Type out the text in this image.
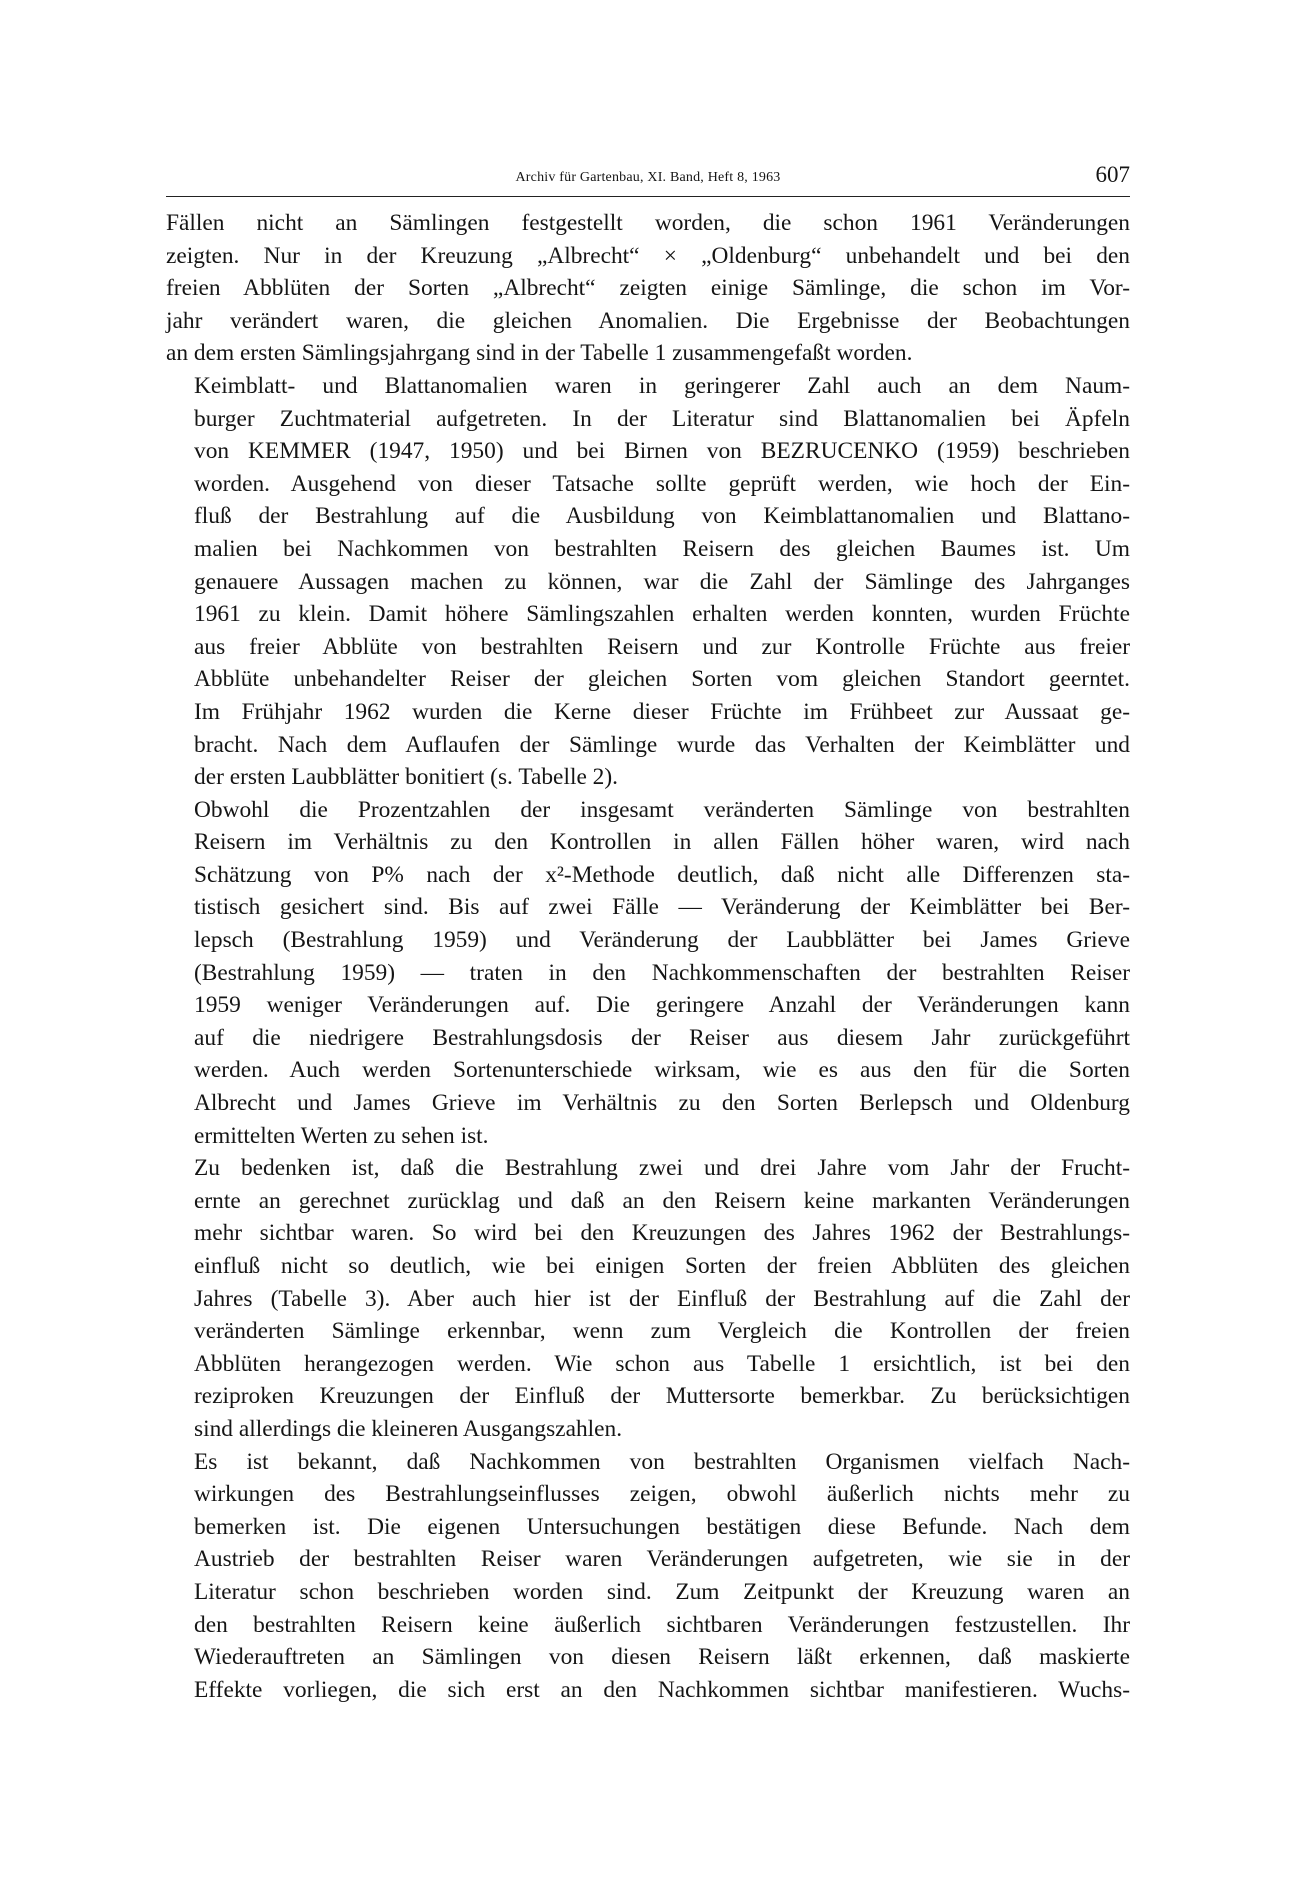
Archiv für Gartenbau, XI. Band, Heft 8, 1963	607

Fällen nicht an Sämlingen festgestellt worden, die schon 1961 Veränderungen
zeigten. Nur in der Kreuzung „Albrecht“ × „Oldenburg“ unbehandelt und bei den
freien Abblüten der Sorten „Albrecht“ zeigten einige Sämlinge, die schon im Vor-
jahr verändert waren, die gleichen Anomalien. Die Ergebnisse der Beobachtungen
an dem ersten Sämlingsjahrgang sind in der Tabelle 1 zusammengefaßt worden.

Keimblatt- und Blattanomalien waren in geringerer Zahl auch an dem Naum-
burger Zuchtmaterial aufgetreten. In der Literatur sind Blattanomalien bei Äpfeln
von KEMMER (1947, 1950) und bei Birnen von BEZRUCENKO (1959) beschrieben
worden. Ausgehend von dieser Tatsache sollte geprüft werden, wie hoch der Ein-
fluß der Bestrahlung auf die Ausbildung von Keimblattanomalien und Blattano-
malien bei Nachkommen von bestrahlten Reisern des gleichen Baumes ist. Um
genauere Aussagen machen zu können, war die Zahl der Sämlinge des Jahrganges
1961 zu klein. Damit höhere Sämlingszahlen erhalten werden konnten, wurden Früchte
aus freier Abblüte von bestrahlten Reisern und zur Kontrolle Früchte aus freier
Abblüte unbehandelter Reiser der gleichen Sorten vom gleichen Standort geerntet.
Im Frühjahr 1962 wurden die Kerne dieser Früchte im Frühbeet zur Aussaat ge-
bracht. Nach dem Auflaufen der Sämlinge wurde das Verhalten der Keimblätter und
der ersten Laubblätter bonitiert (s. Tabelle 2).

Obwohl die Prozentzahlen der insgesamt veränderten Sämlinge von bestrahlten
Reisern im Verhältnis zu den Kontrollen in allen Fällen höher waren, wird nach
Schätzung von P% nach der x²-Methode deutlich, daß nicht alle Differenzen sta-
tistisch gesichert sind. Bis auf zwei Fälle — Veränderung der Keimblätter bei Ber-
lepsch (Bestrahlung 1959) und Veränderung der Laubblätter bei James Grieve
(Bestrahlung 1959) — traten in den Nachkommenschaften der bestrahlten Reiser
1959 weniger Veränderungen auf. Die geringere Anzahl der Veränderungen kann
auf die niedrigere Bestrahlungsdosis der Reiser aus diesem Jahr zurückgeführt
werden. Auch werden Sortenunterschiede wirksam, wie es aus den für die Sorten
Albrecht und James Grieve im Verhältnis zu den Sorten Berlepsch und Oldenburg
ermittelten Werten zu sehen ist.

Zu bedenken ist, daß die Bestrahlung zwei und drei Jahre vom Jahr der Frucht-
ernte an gerechnet zurücklag und daß an den Reisern keine markanten Veränderungen
mehr sichtbar waren. So wird bei den Kreuzungen des Jahres 1962 der Bestrahlungs-
einfluß nicht so deutlich, wie bei einigen Sorten der freien Abblüten des gleichen
Jahres (Tabelle 3). Aber auch hier ist der Einfluß der Bestrahlung auf die Zahl der
veränderten Sämlinge erkennbar, wenn zum Vergleich die Kontrollen der freien
Abblüten herangezogen werden. Wie schon aus Tabelle 1 ersichtlich, ist bei den
reziproken Kreuzungen der Einfluß der Muttersorte bemerkbar. Zu berücksichtigen
sind allerdings die kleineren Ausgangszahlen.

Es ist bekannt, daß Nachkommen von bestrahlten Organismen vielfach Nach-
wirkungen des Bestrahlungseinflusses zeigen, obwohl äußerlich nichts mehr zu
bemerken ist. Die eigenen Untersuchungen bestätigen diese Befunde. Nach dem
Austrieb der bestrahlten Reiser waren Veränderungen aufgetreten, wie sie in der
Literatur schon beschrieben worden sind. Zum Zeitpunkt der Kreuzung waren an
den bestrahlten Reisern keine äußerlich sichtbaren Veränderungen festzustellen. Ihr
Wiederauftreten an Sämlingen von diesen Reisern läßt erkennen, daß maskierte
Effekte vorliegen, die sich erst an den Nachkommen sichtbar manifestieren. Wuchs-
